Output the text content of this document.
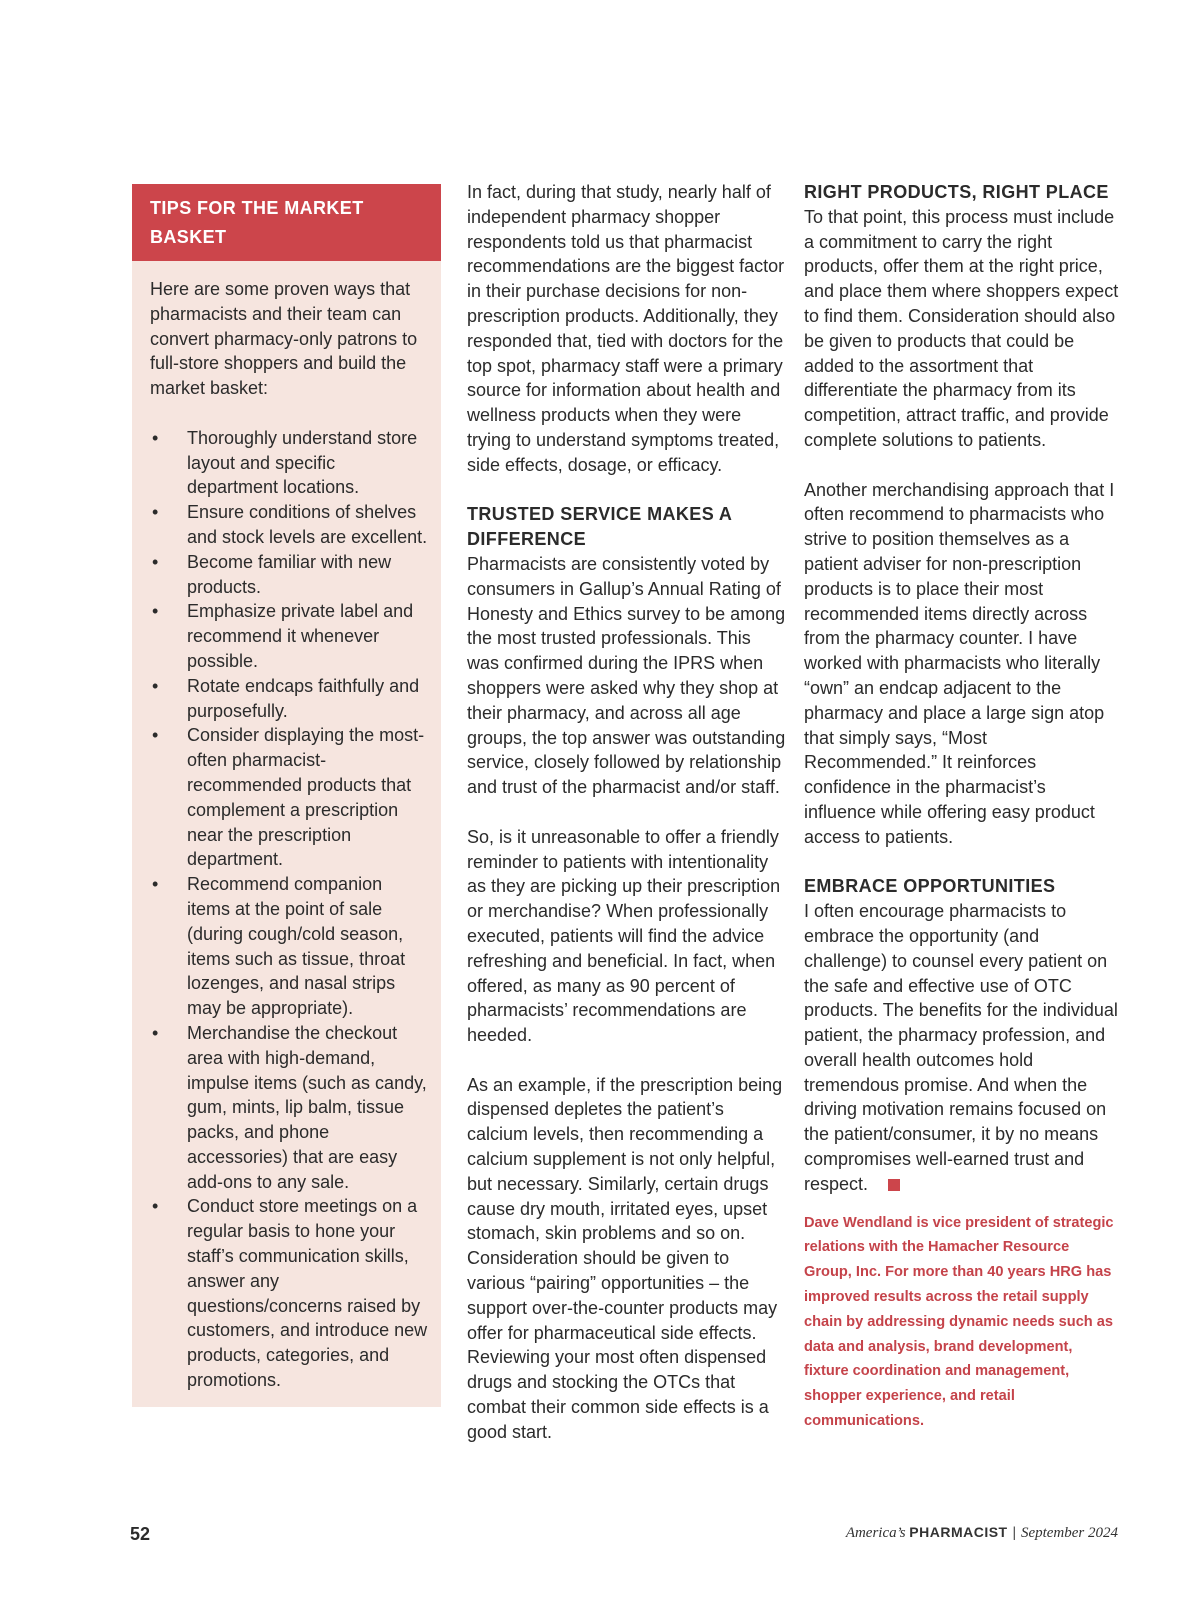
TIPS FOR THE MARKET BASKET

Here are some proven ways that pharmacists and their team can convert pharmacy-only patrons to full-store shoppers and build the market basket:

• Thoroughly understand store layout and specific department locations.
• Ensure conditions of shelves and stock levels are excellent.
• Become familiar with new products.
• Emphasize private label and recommend it whenever possible.
• Rotate endcaps faithfully and purposefully.
• Consider displaying the most-often pharmacist-recommended products that complement a prescription near the prescription department.
• Recommend companion items at the point of sale (during cough/cold season, items such as tissue, throat lozenges, and nasal strips may be appropriate).
• Merchandise the checkout area with high-demand, impulse items (such as candy, gum, mints, lip balm, tissue packs, and phone accessories) that are easy add-ons to any sale.
• Conduct store meetings on a regular basis to hone your staff’s communication skills, answer any questions/concerns raised by customers, and introduce new products, categories, and promotions.

In fact, during that study, nearly half of independent pharmacy shopper respondents told us that pharmacist recommendations are the biggest factor in their purchase decisions for non-prescription products. Additionally, they responded that, tied with doctors for the top spot, pharmacy staff were a primary source for information about health and wellness products when they were trying to understand symptoms treated, side effects, dosage, or efficacy.

TRUSTED SERVICE MAKES A DIFFERENCE

Pharmacists are consistently voted by consumers in Gallup’s Annual Rating of Honesty and Ethics survey to be among the most trusted professionals. This was confirmed during the IPRS when shoppers were asked why they shop at their pharmacy, and across all age groups, the top answer was outstanding service, closely followed by relationship and trust of the pharmacist and/or staff.

So, is it unreasonable to offer a friendly reminder to patients with intentionality as they are picking up their prescription or merchandise? When professionally executed, patients will find the advice refreshing and beneficial. In fact, when offered, as many as 90 percent of pharmacists’ recommendations are heeded.

As an example, if the prescription being dispensed depletes the patient’s calcium levels, then recommending a calcium supplement is not only helpful, but necessary. Similarly, certain drugs cause dry mouth, irritated eyes, upset stomach, skin problems and so on. Consideration should be given to various “pairing” opportunities – the support over-the-counter products may offer for pharmaceutical side effects. Reviewing your most often dispensed drugs and stocking the OTCs that combat their common side effects is a good start.

RIGHT PRODUCTS, RIGHT PLACE

To that point, this process must include a commitment to carry the right products, offer them at the right price, and place them where shoppers expect to find them. Consideration should also be given to products that could be added to the assortment that differentiate the pharmacy from its competition, attract traffic, and provide complete solutions to patients.

Another merchandising approach that I often recommend to pharmacists who strive to position themselves as a patient adviser for non-prescription products is to place their most recommended items directly across from the pharmacy counter. I have worked with pharmacists who literally “own” an endcap adjacent to the pharmacy and place a large sign atop that simply says, “Most Recommended.” It reinforces confidence in the pharmacist’s influence while offering easy product access to patients.

EMBRACE OPPORTUNITIES

I often encourage pharmacists to embrace the opportunity (and challenge) to counsel every patient on the safe and effective use of OTC products. The benefits for the individual patient, the pharmacy profession, and overall health outcomes hold tremendous promise. And when the driving motivation remains focused on the patient/consumer, it by no means compromises well-earned trust and respect.

Dave Wendland is vice president of strategic relations with the Hamacher Resource Group, Inc. For more than 40 years HRG has improved results across the retail supply chain by addressing dynamic needs such as data and analysis, brand development, fixture coordination and management, shopper experience, and retail communications.
52	America’s PHARMACIST | September 2024
